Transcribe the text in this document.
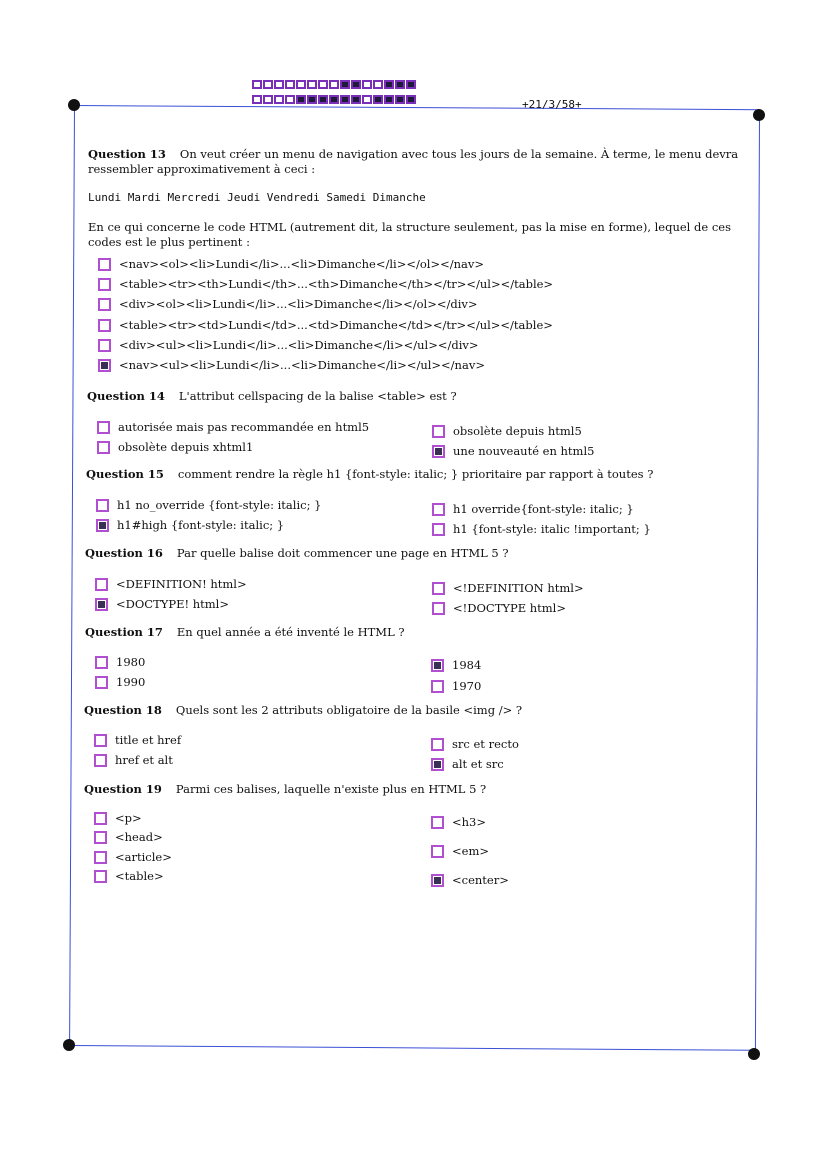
+21/3/58+
Question 13 On veut créer un menu de navigation avec tous les jours de la semaine. À terme, le menu devra ressembler approximativement à ceci :
Lundi Mardi Mercredi Jeudi Vendredi Samedi Dimanche
En ce qui concerne le code HTML (autrement dit, la structure seulement, pas la mise en forme), lequel de ces codes est le plus pertinent :
<nav><ol><li>Lundi</li>...<li>Dimanche</li></ol></nav>
<table><tr><th>Lundi</th>...<th>Dimanche</th></tr></ul></table>
<div><ol><li>Lundi</li>...<li>Dimanche</li></ol></div>
<table><tr><td>Lundi</td>...<td>Dimanche</td></tr></ul></table>
<div><ul><li>Lundi</li>...<li>Dimanche</li></ul></div>
<nav><ul><li>Lundi</li>...<li>Dimanche</li></ul></nav>
Question 14 L'attribut cellspacing de la balise <table> est ?
autorisée mais pas recommandée en html5
obsolète depuis xhtml1
obsolète depuis html5
une nouveauté en html5
Question 15 comment rendre la règle h1 {font-style: italic; } prioritaire par rapport à toutes ?
h1 no_override {font-style: italic; }
h1#high {font-style: italic; }
h1 override{font-style: italic; }
h1 {font-style: italic !important; }
Question 16 Par quelle balise doit commencer une page en HTML 5 ?
<DEFINITION! html>
<DOCTYPE! html>
<!DEFINITION html>
<!DOCTYPE html>
Question 17 En quel année a été inventé le HTML ?
1980
1990
1984
1970
Question 18 Quels sont les 2 attributs obligatoire de la basile <img /> ?
title et href
href et alt
src et recto
alt et src
Question 19 Parmi ces balises, laquelle n'existe plus en HTML 5 ?
<p>
<head>
<article>
<table>
<h3>
<em>
<center>
